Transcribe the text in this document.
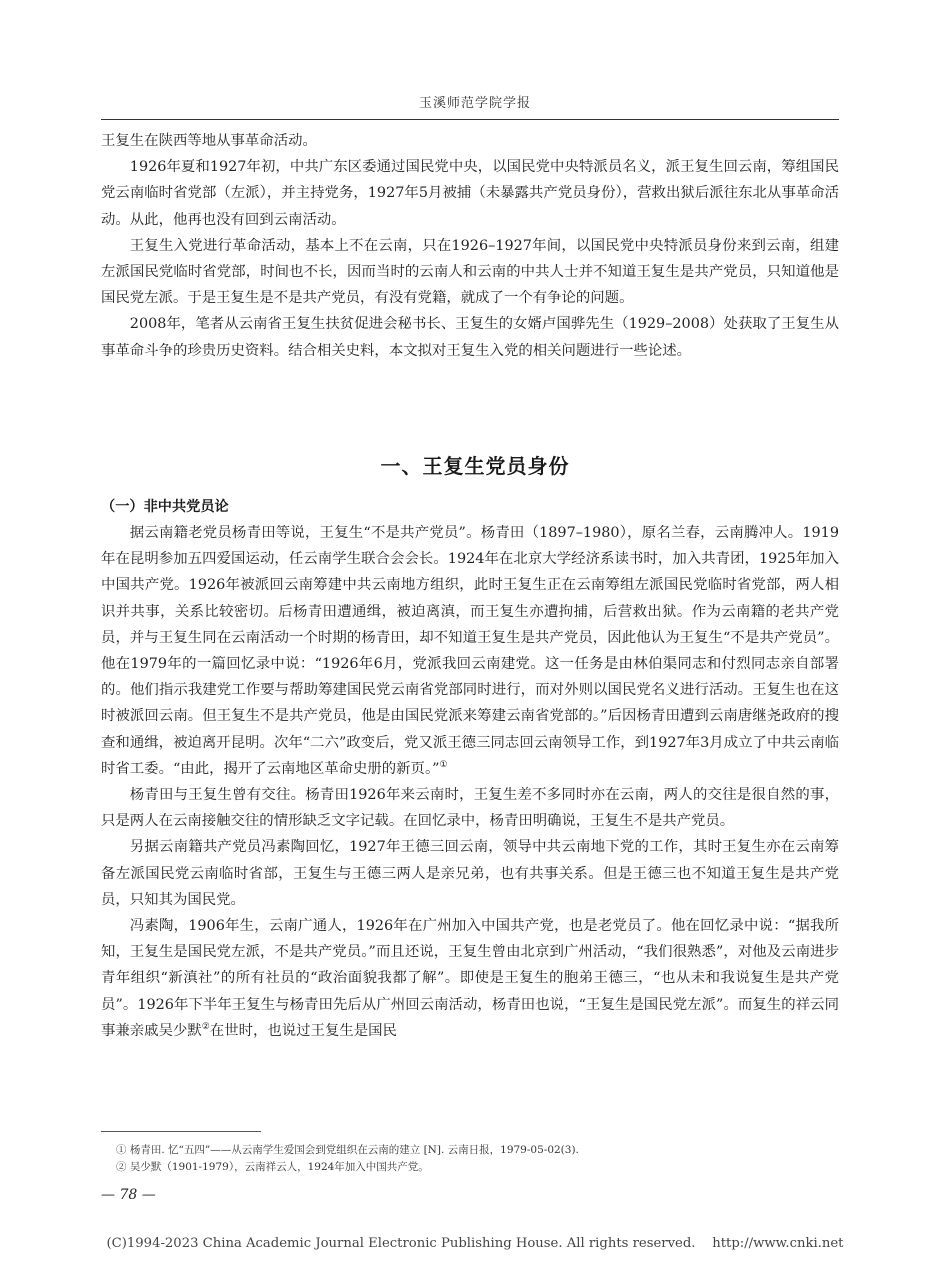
玉溪师范学院学报

王复生在陕西等地从事革命活动。

1926年夏和1927年初，中共广东区委通过国民党中央，以国民党中央特派员名义，派王复生回云南，筹组国民党云南临时省党部（左派），并主持党务，1927年5月被捕（未暴露共产党员身份），营救出狱后派往东北从事革命活动。从此，他再也没有回到云南活动。

王复生入党进行革命活动，基本上不在云南，只在1926–1927年间，以国民党中央特派员身份来到云南，组建左派国民党临时省党部，时间也不长，因而当时的云南人和云南的中共人士并不知道王复生是共产党员，只知道他是国民党左派。于是王复生是不是共产党员，有没有党籍，就成了一个有争论的问题。

2008年，笔者从云南省王复生扶贫促进会秘书长、王复生的女婿卢国骅先生（1929–2008）处获取了王复生从事革命斗争的珍贵历史资料。结合相关史料，本文拟对王复生入党的相关问题进行一些论述。

一、王复生党员身份
（一）非中共党员论

据云南籍老党员杨青田等说，王复生“不是共产党员”。杨青田（1897–1980），原名兰春，云南腾冲人。1919年在昆明参加五四爱国运动，任云南学生联合会会长。1924年在北京大学经济系读书时，加入共青团，1925年加入中国共产党。1926年被派回云南筹建中共云南地方组织，此时王复生正在云南筹组左派国民党临时省党部，两人相识并共事，关系比较密切。后杨青田遭通缉，被迫离滇，而王复生亦遭拘捕，后营救出狱。作为云南籍的老共产党员，并与王复生同在云南活动一个时期的杨青田，却不知道王复生是共产党员，因此他认为王复生“不是共产党员”。他在1979年的一篇回忆录中说：“1926年6月，党派我回云南建党。这一任务是由林伯渠同志和付烈同志亲自部署的。他们指示我建党工作要与帮助筹建国民党云南省党部同时进行，而对外则以国民党名义进行活动。王复生也在这时被派回云南。但王复生不是共产党员，他是由国民党派来筹建云南省党部的。”后因杨青田遭到云南唐继尧政府的搜查和通缉，被迫离开昆明。次年“二六”政变后，党又派王德三同志回云南领导工作，到1927年3月成立了中共云南临时省工委。“由此，揭开了云南地区革命史册的新页。”①

杨青田与王复生曾有交往。杨青田1926年来云南时，王复生差不多同时亦在云南，两人的交往是很自然的事，只是两人在云南接触交往的情形缺乏文字记载。在回忆录中，杨青田明确说，王复生不是共产党员。

另据云南籍共产党员冯素陶回忆，1927年王德三回云南，领导中共云南地下党的工作，其时王复生亦在云南筹备左派国民党云南临时省部，王复生与王德三两人是亲兄弟，也有共事关系。但是王德三也不知道王复生是共产党员，只知其为国民党。

冯素陶，1906年生，云南广通人，1926年在广州加入中国共产党，也是老党员了。他在回忆录中说：“据我所知，王复生是国民党左派，不是共产党员。”而且还说，王复生曾由北京到广州活动，“我们很熟悉”，对他及云南进步青年组织“新滇社”的所有社员的“政治面貌我都了解”。即使是王复生的胞弟王德三，“也从未和我说复生是共产党员”。1926年下半年王复生与杨青田先后从广州回云南活动，杨青田也说，“王复生是国民党左派”。而复生的祥云同事兼亲戚吴少默②在世时，也说过王复生是国民

① 杨青田. 忆“五四”——从云南学生爱国会到党组织在云南的建立 [N]. 云南日报，1979-05-02(3).

② 吴少默（1901-1979），云南祥云人，1924年加入中国共产党。

— 78 —
(C)1994-2023 China Academic Journal Electronic Publishing House. All rights reserved.    http://www.cnki.net
